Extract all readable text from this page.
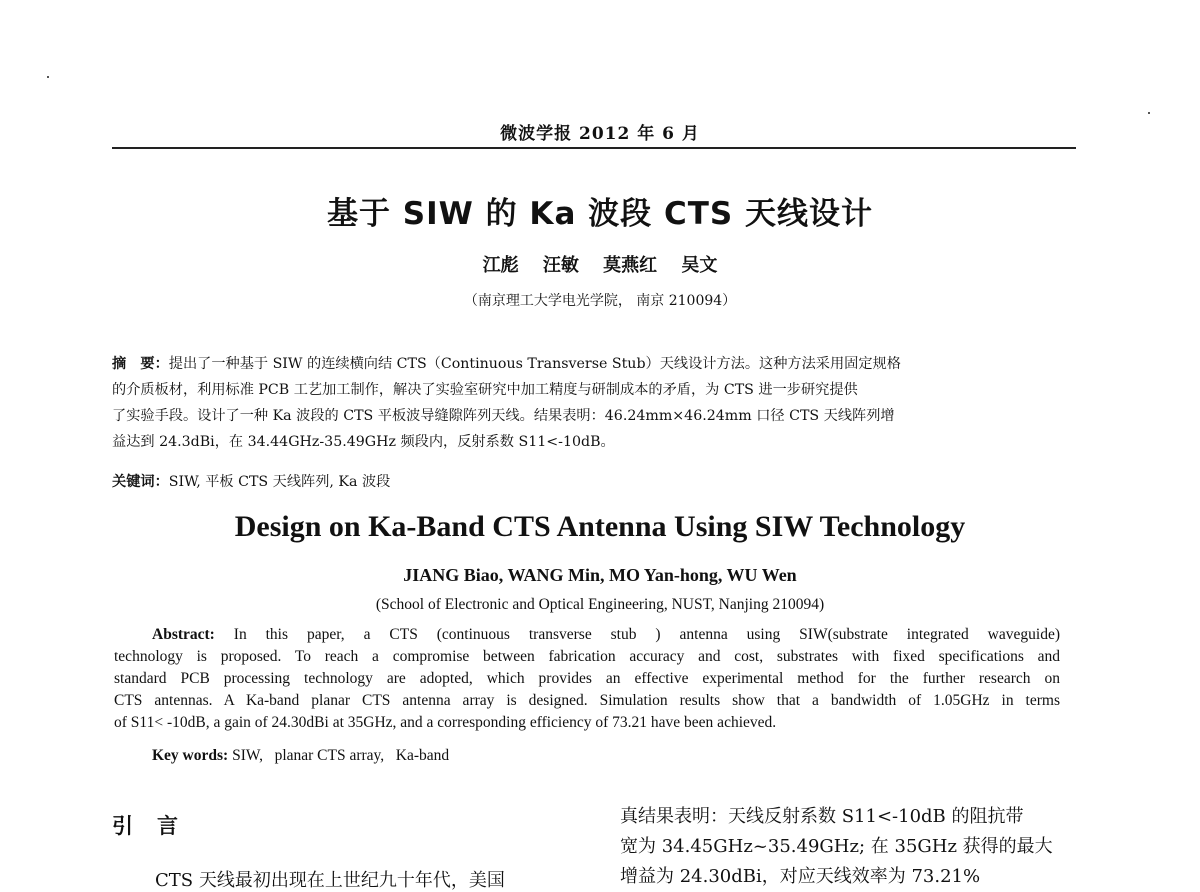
微波学报 2012 年 6 月
基于 SIW 的 Ka 波段 CTS 天线设计
江彪 汪敏 莫燕红 吴文
（南京理工大学电光学院， 南京 210094）
摘　要：提出了一种基于 SIW 的连续横向结 CTS（Continuous Transverse Stub）天线设计方法。这种方法采用固定规格
的介质板材，利用标准 PCB 工艺加工制作，解决了实验室研究中加工精度与研制成本的矛盾，为 CTS 进一步研究提供
了实验手段。设计了一种 Ka 波段的 CTS 平板波导缝隙阵列天线。结果表明：46.24mm×46.24mm 口径 CTS 天线阵列增
益达到 24.3dBi，在 34.44GHz-35.49GHz 频段内，反射系数 S11<-10dB。
关键词：SIW, 平板 CTS 天线阵列, Ka 波段
Design on Ka-Band CTS Antenna Using SIW Technology
JIANG Biao, WANG Min, MO Yan-hong, WU Wen
(School of Electronic and Optical Engineering, NUST, Nanjing 210094)
Abstract: In this paper, a CTS (continuous transverse stub ) antenna using SIW(substrate integrated waveguide)
technology is proposed. To reach a compromise between fabrication accuracy and cost, substrates with fixed specifications and
standard PCB processing technology are adopted, which provides an effective experimental method for the further research on
CTS antennas. A Ka-band planar CTS antenna array is designed. Simulation results show that a bandwidth of 1.05GHz in terms
of S11< -10dB, a gain of 24.30dBi at 35GHz, and a corresponding efficiency of 73.21 have been achieved.
Key words: SIW,   planar CTS array,   Ka-band
引 言
CTS 天线最初出现在上世纪九十年代，美国
真结果表明：天线反射系数 S11<-10dB 的阻抗带
宽为 34.45GHz~35.49GHz; 在 35GHz 获得的最大
增益为 24.30dBi，对应天线效率为 73.21%
